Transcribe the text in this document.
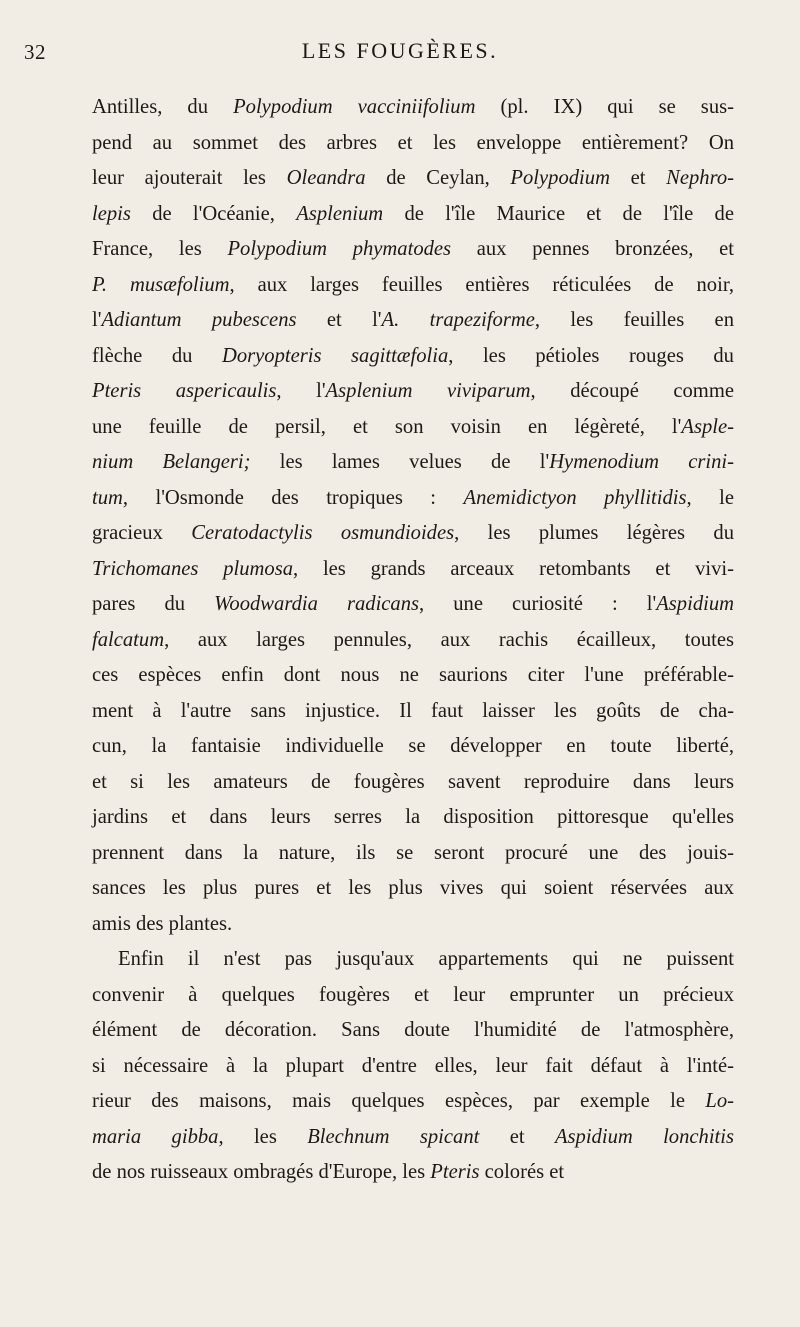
32	LES FOUGÈRES.
Antilles, du Polypodium vacciniifolium (pl. IX) qui se sus-
pend au sommet des arbres et les enveloppe entièrement? On
leur ajouterait les Oleandra de Ceylan, Polypodium et Nephro-
lepis de l'Océanie, Asplenium de l'île Maurice et de l'île de
France, les Polypodium phymatodes aux pennes bronzées, et
P. musæfolium, aux larges feuilles entières réticulées de noir,
l'Adiantum pubescens et l'A. trapeziforme, les feuilles en
flèche du Doryopteris sagittæfolia, les pétioles rouges du
Pteris aspericaulis, l'Asplenium viviparum, découpé comme
une feuille de persil, et son voisin en légèreté, l'Asple-
nium Belangeri; les lames velues de l'Hymenodium crini-
tum, l'Osmonde des tropiques : Anemidictyon phyllitidis, le
gracieux Ceratodactylis osmundioides, les plumes légères du
Trichomanes plumosa, les grands arceaux retombants et vivi-
pares du Woodwardia radicans, une curiosité : l'Aspidium
falcatum, aux larges pennules, aux rachis écailleux, toutes
ces espèces enfin dont nous ne saurions citer l'une préférable-
ment à l'autre sans injustice. Il faut laisser les goûts de cha-
cun, la fantaisie individuelle se développer en toute liberté,
et si les amateurs de fougères savent reproduire dans leurs
jardins et dans leurs serres la disposition pittoresque qu'elles
prennent dans la nature, ils se seront procuré une des jouis-
sances les plus pures et les plus vives qui soient réservées aux
amis des plantes.
Enfin il n'est pas jusqu'aux appartements qui ne puissent
convenir à quelques fougères et leur emprunter un précieux
élément de décoration. Sans doute l'humidité de l'atmosphère,
si nécessaire à la plupart d'entre elles, leur fait défaut à l'inté-
rieur des maisons, mais quelques espèces, par exemple le Lo-
maria gibba, les Blechnum spicant et Aspidium lonchitis
de nos ruisseaux ombragés d'Europe, les Pteris colorés et
